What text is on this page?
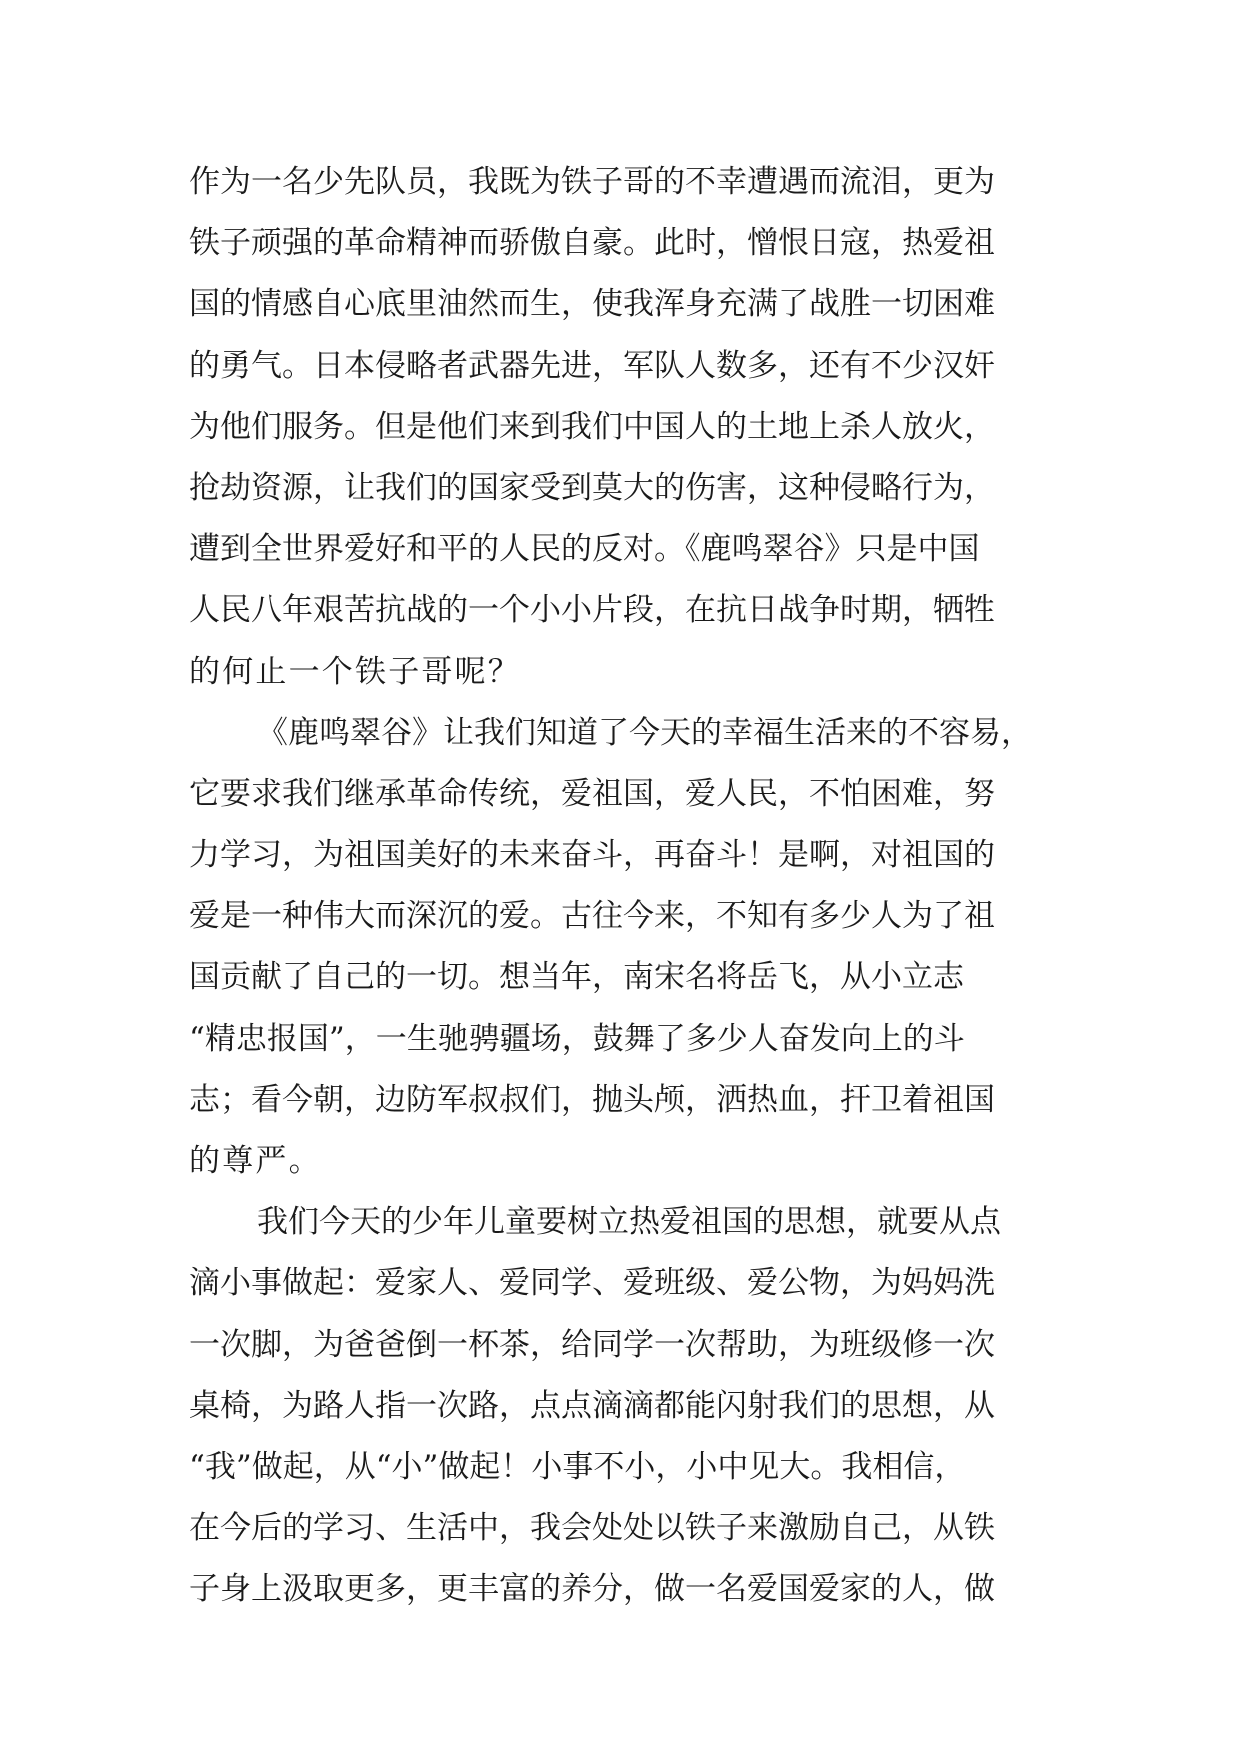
作为一名少先队员，我既为铁子哥的不幸遭遇而流泪，更为
铁子顽强的革命精神而骄傲自豪。此时，憎恨日寇，热爱祖
国的情感自心底里油然而生，使我浑身充满了战胜一切困难
的勇气。日本侵略者武器先进，军队人数多，还有不少汉奸
为他们服务。但是他们来到我们中国人的土地上杀人放火，
抢劫资源，让我们的国家受到莫大的伤害，这种侵略行为，
遭到全世界爱好和平的人民的反对。《鹿鸣翠谷》只是中国
人民八年艰苦抗战的一个小小片段，在抗日战争时期，牺牲
的何止一个铁子哥呢？
《鹿鸣翠谷》让我们知道了今天的幸福生活来的不容易，
它要求我们继承革命传统，爱祖国，爱人民，不怕困难，努
力学习，为祖国美好的未来奋斗，再奋斗！是啊，对祖国的
爱是一种伟大而深沉的爱。古往今来，不知有多少人为了祖
国贡献了自己的一切。想当年，南宋名将岳飞，从小立志
“精忠报国”，一生驰骋疆场，鼓舞了多少人奋发向上的斗
志；看今朝，边防军叔叔们，抛头颅，洒热血，扞卫着祖国
的尊严。
我们今天的少年儿童要树立热爱祖国的思想，就要从点
滴小事做起：爱家人、爱同学、爱班级、爱公物，为妈妈洗
一次脚，为爸爸倒一杯茶，给同学一次帮助，为班级修一次
桌椅，为路人指一次路，点点滴滴都能闪射我们的思想，从
“我”做起，从“小”做起！小事不小，小中见大。我相信，
在今后的学习、生活中，我会处处以铁子来激励自己，从铁
子身上汲取更多，更丰富的养分，做一名爱国爱家的人，做
